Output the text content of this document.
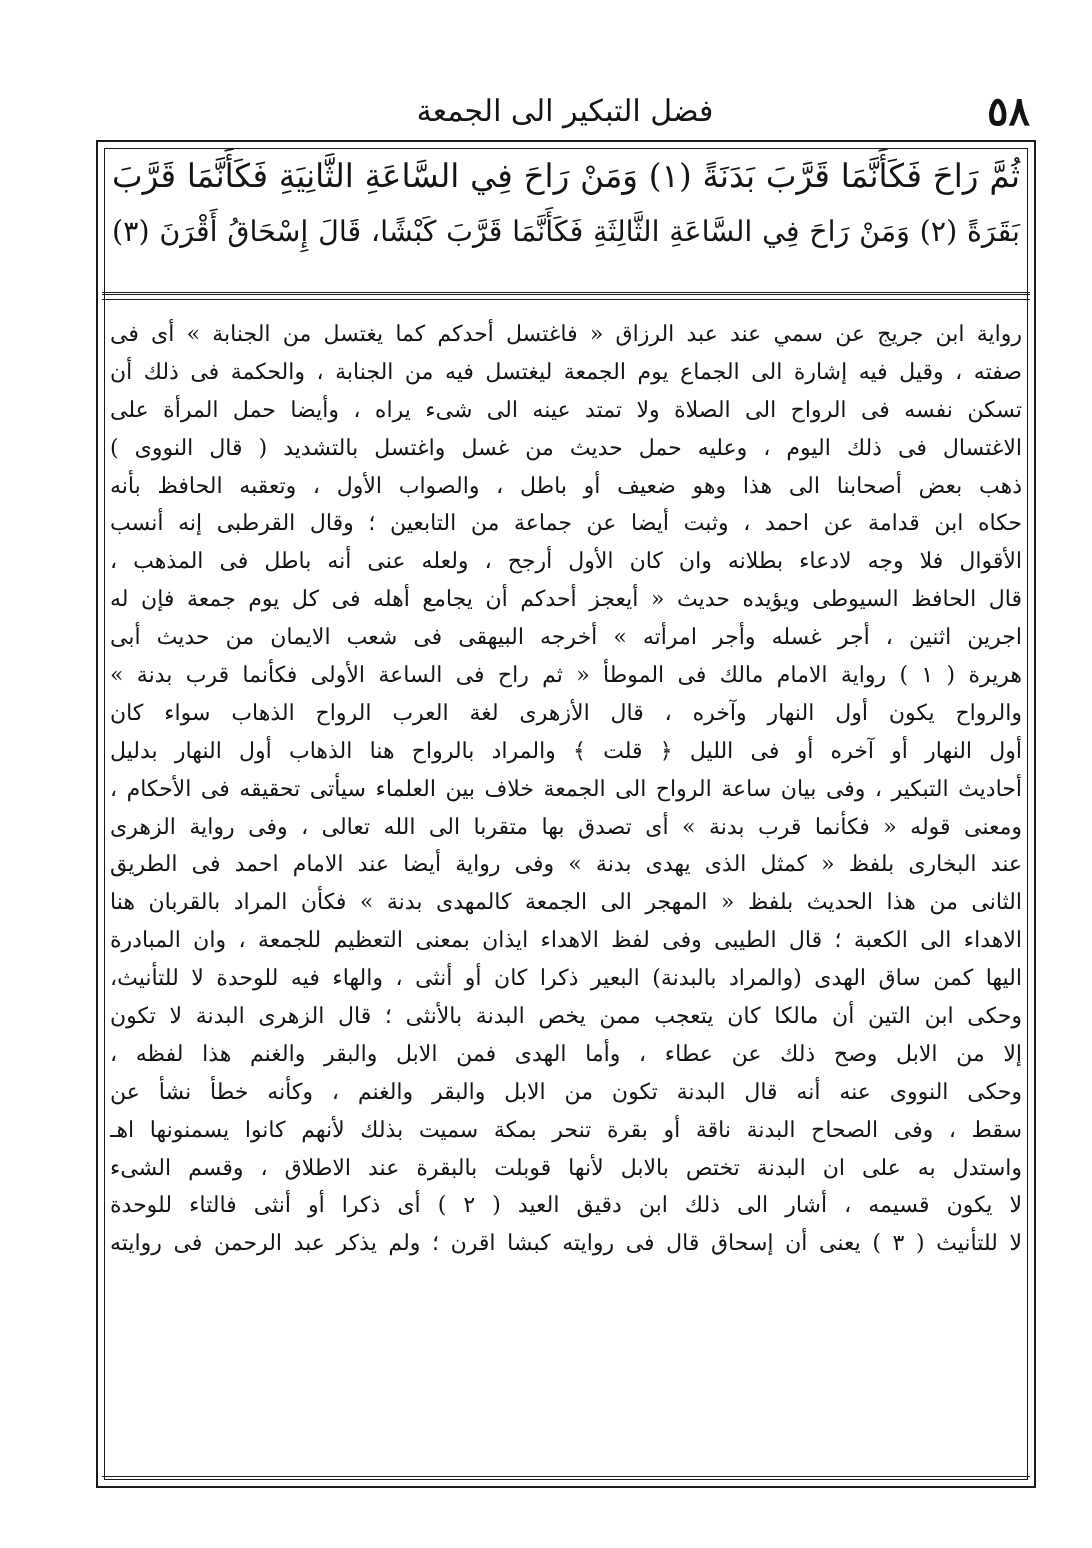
٥٨
فضل التبكير الى الجمعة
ثُمَّ رَاحَ فَكَأَنَّمَا قَرَّبَ بَدَنَةً (١) وَمَنْ رَاحَ فِي السَّاعَةِ الثَّانِيَةِ فَكَأَنَّمَا قَرَّبَ
بَقَرَةً (٢) وَمَنْ رَاحَ فِي السَّاعَةِ الثَّالِثَةِ فَكَأَنَّمَا قَرَّبَ كَبْشًا، قَالَ إِسْحَاقُ أَقْرَنَ (٣)
رواية ابن جريج عن سمي عند عبد الرزاق « فاغتسل أحدكم كما يغتسل من الجنابة » أى فى
صفته ، وقيل فيه إشارة الى الجماع يوم الجمعة ليغتسل فيه من الجنابة ، والحكمة فى ذلك أن
تسكن نفسه فى الرواح الى الصلاة ولا تمتد عينه الى شىء يراه ، وأيضا حمل المرأة على
الاغتسال فى ذلك اليوم ، وعليه حمل حديث من غسل واغتسل بالتشديد ( قال النووى )
ذهب بعض أصحابنا الى هذا وهو ضعيف أو باطل ، والصواب الأول ، وتعقبه الحافظ بأنه
حكاه ابن قدامة عن احمد ، وثبت أيضا عن جماعة من التابعين ؛ وقال القرطبى إنه أنسب
الأقوال فلا وجه لادعاء بطلانه وان كان الأول أرجح ، ولعله عنى أنه باطل فى المذهب ،
قال الحافظ السيوطى ويؤيده حديث « أيعجز أحدكم أن يجامع أهله فى كل يوم جمعة فإن له
اجرين اثنين ، أجر غسله وأجر امرأته » أخرجه البيهقى فى شعب الايمان من حديث أبى
هريرة ( ١ ) رواية الامام مالك فى الموطأ « ثم راح فى الساعة الأولى فكأنما قرب بدنة »
والرواح يكون أول النهار وآخره ، قال الأزهرى لغة العرب الرواح الذهاب سواء كان
أول النهار أو آخره أو فى الليل ﴿ قلت ﴾ والمراد بالرواح هنا الذهاب أول النهار بدليل
أحاديث التبكير ، وفى بيان ساعة الرواح الى الجمعة خلاف بين العلماء سيأتى تحقيقه فى الأحكام ،
ومعنى قوله « فكأنما قرب بدنة » أى تصدق بها متقربا الى الله تعالى ، وفى رواية الزهرى
عند البخارى بلفظ « كمثل الذى يهدى بدنة » وفى رواية أيضا عند الامام احمد فى الطريق
الثانى من هذا الحديث بلفظ « المهجر الى الجمعة كالمهدى بدنة » فكأن المراد بالقربان هنا
الاهداء الى الكعبة ؛ قال الطيبى وفى لفظ الاهداء ايذان بمعنى التعظيم للجمعة ، وان المبادرة
اليها كمن ساق الهدى (والمراد بالبدنة) البعير ذكرا كان أو أنثى ، والهاء فيه للوحدة لا للتأنيث،
وحكى ابن التين أن مالكا كان يتعجب ممن يخص البدنة بالأنثى ؛ قال الزهرى البدنة لا تكون
إلا من الابل وصح ذلك عن عطاء ، وأما الهدى فمن الابل والبقر والغنم هذا لفظه ،
وحكى النووى عنه أنه قال البدنة تكون من الابل والبقر والغنم ، وكأنه خطأ نشأ عن
سقط ، وفى الصحاح البدنة ناقة أو بقرة تنحر بمكة سميت بذلك لأنهم كانوا يسمنونها اهـ
واستدل به على ان البدنة تختص بالابل لأنها قوبلت بالبقرة عند الاطلاق ، وقسم الشىء
لا يكون قسيمه ، أشار الى ذلك ابن دقيق العيد ( ٢ ) أى ذكرا أو أنثى فالتاء للوحدة
لا للتأنيث ( ٣ ) يعنى أن إسحاق قال فى روايته كبشا اقرن ؛ ولم يذكر عبد الرحمن فى روايته
